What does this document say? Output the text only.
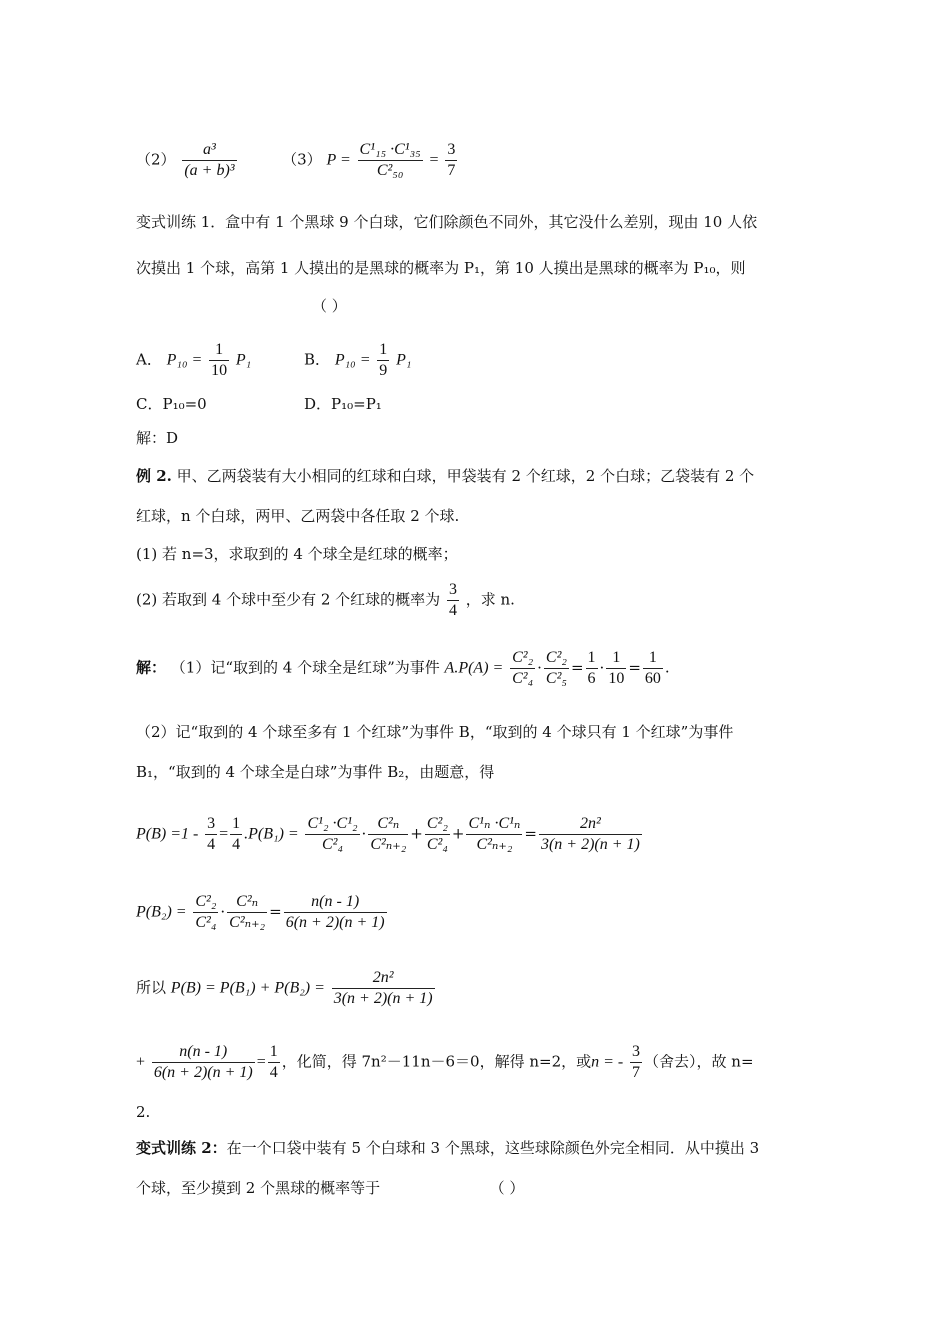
$(2) \frac{\text{a³}}{\text{(a + b)³}}$	（3） $P = \frac{\text{C¹₁₅ ·C¹₃₅}}{\text{C²₅₀}} = \frac{3}{7}$
变式训练 1．盒中有 1 个黑球 9 个白球，它们除颜色不同外，其它没什么差别，现由 10 人依
次摸出 1 个球，高第 1 人摸出的是黑球的概率为 P₁，第 10 人摸出是黑球的概率为 P₁₀，则
（ ）
A． $P_{10} = \frac{1}{10} P_1$	B． $P_{10} = \frac{1}{9} P_1$
C．P₁₀=0	D．P₁₀=P₁
解：D
例 2. 甲、乙两袋装有大小相同的红球和白球，甲袋装有 2 个红球，2 个白球；乙袋装有 2 个
红球，n 个白球，两甲、乙两袋中各任取 2 个球.
(1) 若 n=3，求取到的 4 个球全是红球的概率；
(2) 若取到 4 个球中至少有 2 个红球的概率为 $\frac{3}{4}$ ，求 n.
解： （1）记“取到的 4 个球全是红球”为事件 $A.P(A) = \frac{\text{C²₂}}{\text{C²₄}} \cdot \frac{\text{C²₂}}{\text{C²₅}} = \frac{1}{6} \cdot \frac{1}{10} = \frac{1}{60}$ .
（2）记“取到的 4 个球至多有 1 个红球”为事件 B，“取到的 4 个球只有 1 个红球”为事件
B₁，“取到的 4 个球全是白球”为事件 B₂，由题意，得
$P(B) =1 - \frac{3}{4} = \frac{1}{4} .P(B_1) = \frac{\text{C¹₂ ·C¹₂}}{\text{C²₄}} \cdot \frac{\text{C²ₙ}}{\text{C²ₙ₊₂}} + \frac{\text{C²₂}}{\text{C²₄}} + \frac{\text{C¹ₙ ·C¹ₙ}}{\text{C²ₙ₊₂}} = \frac{\text{2n²}}{3(n + 2)(n + 1)}$
$P(B_2) = \frac{\text{C²₂}}{\text{C²₄}} \cdot \frac{\text{C²ₙ}}{\text{C²ₙ₊₂}} = \frac{n(n - 1)}{6(n + 2)(n + 1)}$
所以 $P(B) = P(B_1) + P(B_2) = \frac{\text{2n²}}{3(n + 2)(n + 1)}$
+ $\frac{n(n - 1)}{6(n + 2)(n + 1)} = \frac{1}{4}$ ，化简，得 7n²－11n－6＝0，解得 n=2，或n = - $\frac{3}{7}$ （舍去），故 n=
2.
变式训练 2：在一个口袋中装有 5 个白球和 3 个黑球，这些球除颜色外完全相同．从中摸出 3
个球，至少摸到 2 个黑球的概率等于	（ ）
